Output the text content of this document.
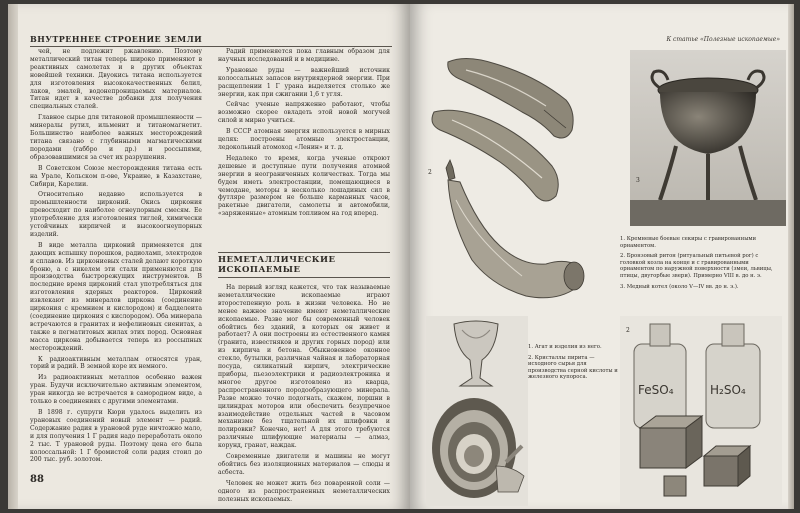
ВНУТРЕННЕЕ СТРОЕНИЕ ЗЕМЛИ

чей, не подлежит ржавлению. Поэтому металлический титан теперь широко применяют в реактивных самолетах и в других объектах новейшей техники. Двуокись титана используется для изготовления высококачественных белил, лаков, эмалей, водонепроницаемых материалов. Титан идет в качестве добавки для получения специальных сталей.

Главное сырье для титановой промышленности — минералы рутил, ильменит и титаномагнетит. Большинство наиболее важных месторождений титана связано с глубинными магматическими породами (габбро и др.) и россыпями, образовавшимися за счет их разрушения.

В Советском Союзе месторождения титана есть на Урале, Кольском п-ове, Украине, в Казахстане, Сибири, Карелии.

Относительно недавно используется в промышленности цирконий. Окись циркония превосходит по наиболее огнеупорным смесям. Ее употребление для изготовления тиглей, химически устойчивых кирпичей и высокоогнеупорных изделий.

В виде металла цирконий применяется для дающих вспышку порошков, радиоламп, электродов и сплавов. Из циркониевых сталей делают короткую броню, а с никелем эти стали применяются для производства быстрорежущих инструментов. В последние время цирконий стал употребляться для изготовления ядерных реакторов. Цирконий извлекают из минералов циркона (соединение циркония с кремнием и кислородом) и бадделеита (соединение циркония с кислородом). Оба минерала встречаются в гранитах и нефелиновых сиенитах, а также в пегматитовых жилах этих пород. Основная масса циркона добывается теперь из россыпных месторождений.

К радиоактивным металлам относятся уран, торий и радий. В земной коре их немного.

Из радиоактивных металлов особенно важен уран. Будучи исключительно активным элементом, уран никогда не встречается в самородном виде, а только в соединениях с другими элементами.

В 1898 г. супруги Кюри удалось выделить из урановых соединений новый элемент — радий. Содержание радия в урановой руде ничтожно мало, и для получения 1 Г радия надо переработать около 2 тыс. Т урановой руды. Поэтому цена его была колоссальной: 1 Г бромистой соли радия стоил до 200 тыс. руб. золотом.

Радий применяется пока главным образом для научных исследований и в медицине.

Урановые руды — важнейший источник колоссальных запасов внутриядерной энергии. При расщеплении 1 Г урана выделяется столько же энергии, как при сжигании 1,6 т угля.

Сейчас ученые напряженно работают, чтобы возможно скорее овладеть этой новой могучей силой и мирно учиться.

В СССР атомная энергия используется в мирных целях: построены атомные электростанции, ледокольный атомоход «Ленин» и т. д.

Недалеко то время, когда ученые откроют дешевые и доступные пути получения атомной энергии в неограниченных количествах. Тогда мы будем иметь электростанции, помещающиеся в чемодане, моторы в несколько лошадиных сил в футляре размером не больше карманных часов, ракетные двигатели, самолеты и автомобили, «заряженные» атомным топливом на год вперед.

НЕМЕТАЛЛИЧЕСКИЕ ИСКОПАЕМЫЕ

На первый взгляд кажется, что так называемые неметаллические ископаемые играют второстепенную роль в жизни человека. Но не менее важное значение имеют неметаллические ископаемые. Разве мог бы современный человек обойтись без зданий, в которых он живет и работает? А они построены из естественного камня (гранита, известняков и других горных пород) или из кирпича и бетона. Обыкновенное оконное стекло, бутылки, различная чайная и лабораторная посуда, силикатный кирпич, электрические приборы, пьезоэлектрики и радиоэлектроника и многое другое изготовлено из кварца, распространенного породообразующего минерала. Разве можно точно подогнать, скажем, поршни в цилиндрах моторов или обеспечить безупречное взаимодействие отдельных частей в часовом механизме без тщательной их шлифовки и полировки? Конечно, нет! А для этого требуются различные шлифующие материалы — алмаз, корунд, гранат, наждак.

Современные двигатели и машины не могут обойтись без изоляционных материалов — слюды и асбеста.

Человек не может жить без поваренной соли — одного из распространенных неметаллических полезных ископаемых.

88
К статье «Полезные ископаемые»
2
3
1. Кремневые боевые секиры с гравированными орнаментом.
2. Бронзовый ритон (ритуальный питьевой рог) с головкой козла на конце и с гравированными орнаментом по наружной поверхности (змеи, львицы, птицы, двугорбые звери). Примерно VIII в. до н. э.
3. Медный котел (около V—IV вв. до н. э.).
1. Агат и изделия из него.
2. Кристаллы пирита — исходного сырья для производства серной кислоты и железного купороса.
FeSO₄	H₂SO₄
2
